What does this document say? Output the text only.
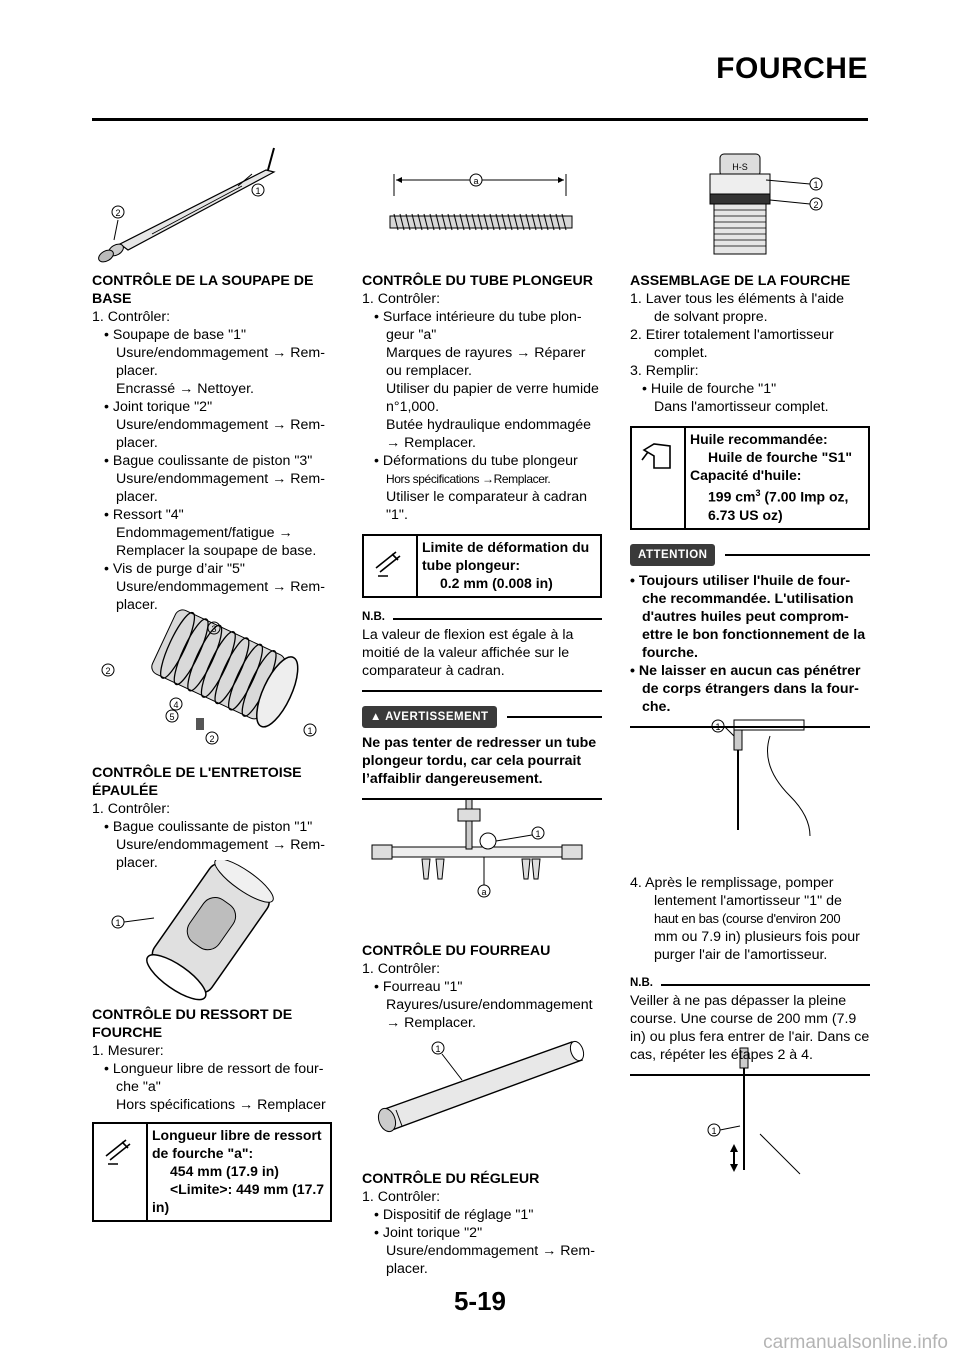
FOURCHE
1
2
3
2
4
5
2
1
1
a
1
a
1
H-S
1
2
1
1

CONTRÔLE DE LA SOUPAPE DE

BASE

1. Contrôler:

• Soupape de base "1"

Usure/endommagement → Rem-

placer.

Encrassé → Nettoyer.

• Joint torique "2"

Usure/endommagement → Rem-

placer.

• Bague coulissante de piston "3"

Usure/endommagement → Rem-

placer.

• Ressort "4"

Endommagement/fatigue →

Remplacer la soupape de base.

• Vis de purge d’air "5"

Usure/endommagement → Rem-

placer.

CONTRÔLE DE L'ENTRETOISE

ÉPAULÉE

1. Contrôler:

• Bague coulissante de piston "1"

Usure/endommagement → Rem-

placer.

CONTRÔLE DU RESSORT DE

FOURCHE

1. Mesurer:

• Longueur libre de ressort de four-

che "a"

Hors spécifications → Remplacer

Longueur libre de ressort
de fourche "a":
454 mm (17.9 in)
<Limite>: 449 mm (17.7
in)

CONTRÔLE DU TUBE PLONGEUR

1. Contrôler:

• Surface intérieure du tube plon-

geur "a"

Marques de rayures → Réparer

ou remplacer.

Utiliser du papier de verre humide

n°1,000.

Butée hydraulique endommagée

→ Remplacer.

• Déformations du tube plongeur

Hors spécifications →Remplacer.

Utiliser le comparateur à cadran

"1".

Limite de déformation du
tube plongeur:
0.2 mm (0.008 in)
N.B.

La valeur de flexion est égale à la moitié de la valeur affichée sur le comparateur à cadran.

▲ AVERTISSEMENT

Ne pas tenter de redresser un tube plongeur tordu, car cela pourrait l’affaiblir dangereusement.

CONTRÔLE DU FOURREAU

1. Contrôler:

• Fourreau "1"

Rayures/usure/endommagement

→ Remplacer.

CONTRÔLE DU RÉGLEUR

1. Contrôler:

• Dispositif de réglage "1"

• Joint torique "2"

Usure/endommagement → Rem-

placer.

ASSEMBLAGE DE LA FOURCHE

1. Laver tous les éléments à l'aide

de solvant propre.

2. Etirer totalement l'amortisseur

complet.

3. Remplir:

• Huile de fourche "1"

Dans l'amortisseur complet.

Huile recommandée:
Huile de fourche "S1"
Capacité d'huile:
199 $cm^3$ (7.00 Imp oz,
6.73 US oz)
ATTENTION
• Toujours utiliser l'huile de four-
che recommandée. L'utilisation
d'autres huiles peut comprom-
ettre le bon fonctionnement de la
fourche.
• Ne laisser en aucun cas pénétrer
de corps étrangers dans la four-
che.

4. Après le remplissage, pomper

lentement l'amortisseur "1" de

haut en bas (course d'environ 200

mm ou 7.9 in) plusieurs fois pour

purger l'air de l'amortisseur.

N.B.

Veiller à ne pas dépasser la pleine course. Une course de 200 mm (7.9 in) ou plus fera entrer de l'air. Dans ce cas, répéter les étapes 2 à 4.

5-19
carmanualsonline.info
